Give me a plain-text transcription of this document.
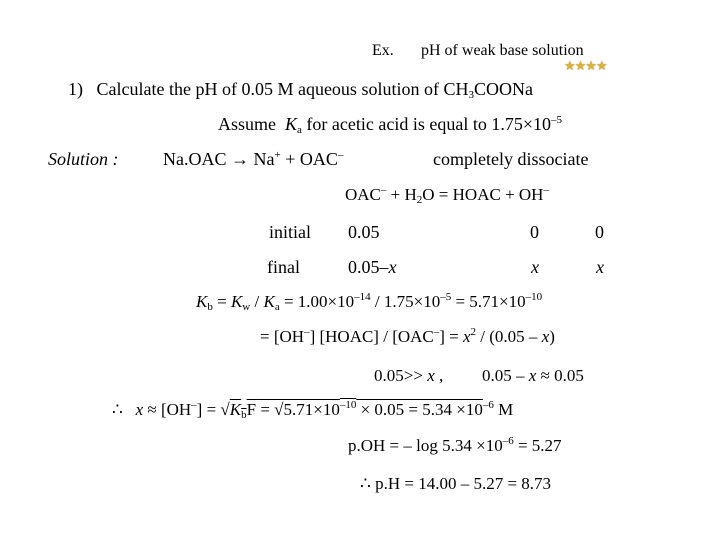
Ex. pH of weak base solution
★★★★
1) Calculate the pH of 0.05 M aqueous solution of $CH_3COONa$
Assume $K_a$ for acetic acid is equal to $1.75\times 10^{-5}$
Solution : Na.OAC → Na+ + OAC–	completely dissociate
$OAC^- + H_2O$ = HOAC + OH–
initial 0.05	0	0
final	0.05–x	x	x
$K_b = K_w / K_a = 1.00\times 10^{-14} / 1.75\times 10^{-5} = 5.71\times 10^{-10}$
= [OH–] [HOAC] / $[OAC^-] = x^2 / (0.05 - x)$
0.05>> x , 0.05 – x ≈ 0.05
∴ $x \approx [OH^-] = √K_bF = √5.71\times 10^{-10} \times 0.05 = 5.34 \times 10^{-6}$ M
p.OH = – $\log 5.34 \times 10^{-6} = 5.27$
∴ p.H = 14.00 – 5.27 = 8.73
